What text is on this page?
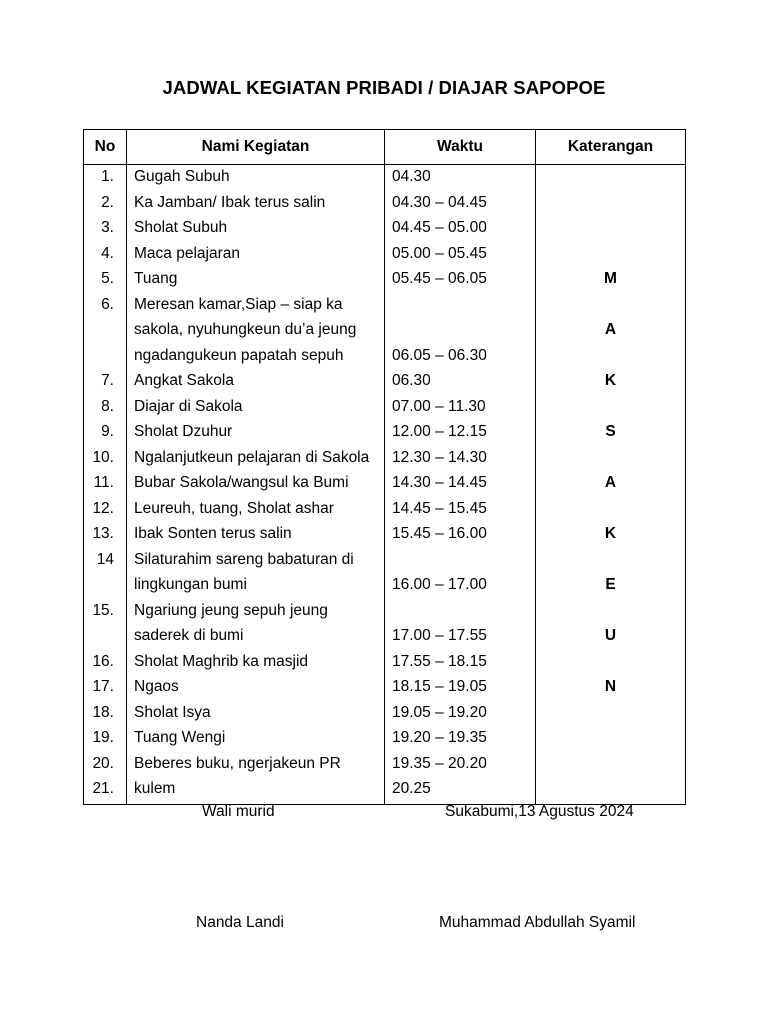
JADWAL KEGIATAN PRIBADI / DIAJAR SAPOPOE
No	Nami Kegiatan	Waktu	Katerangan
1.	Gugah Subuh	04.30	
2.	Ka Jamban/ Ibak terus salin	04.30 – 04.45	
3.	Sholat Subuh	04.45 – 05.00	
4.	Maca pelajaran	05.00 – 05.45	
5.	Tuang	05.45 – 06.05	M
6.	Meresan kamar,Siap – siap ka		
	sakola, nyuhungkeun du’a jeung		A
	ngadangukeun papatah sepuh	06.05 – 06.30	
7.	Angkat Sakola	06.30	K
8.	Diajar di Sakola	07.00 – 11.30	
9.	Sholat Dzuhur	12.00 – 12.15	S
10.	Ngalanjutkeun pelajaran di Sakola	12.30 – 14.30	
11.	Bubar Sakola/wangsul ka Bumi	14.30 – 14.45	A
12.	Leureuh, tuang, Sholat ashar	14.45 – 15.45	
13.	Ibak Sonten terus salin	15.45 – 16.00	K
14	Silaturahim sareng babaturan di		
	lingkungan bumi	16.00 – 17.00	E
15.	Ngariung jeung sepuh jeung		
	saderek di bumi	17.00 – 17.55	U
16.	Sholat Maghrib ka masjid	17.55 – 18.15	
17.	Ngaos	18.15 – 19.05	N
18.	Sholat Isya	19.05 – 19.20	
19.	Tuang Wengi	19.20 – 19.35	
20.	Beberes buku, ngerjakeun PR	19.35 – 20.20	
21.	kulem	20.25	
Wali murid	Sukabumi,13 Agustus 2024
Nanda Landi	Muhammad Abdullah Syamil
